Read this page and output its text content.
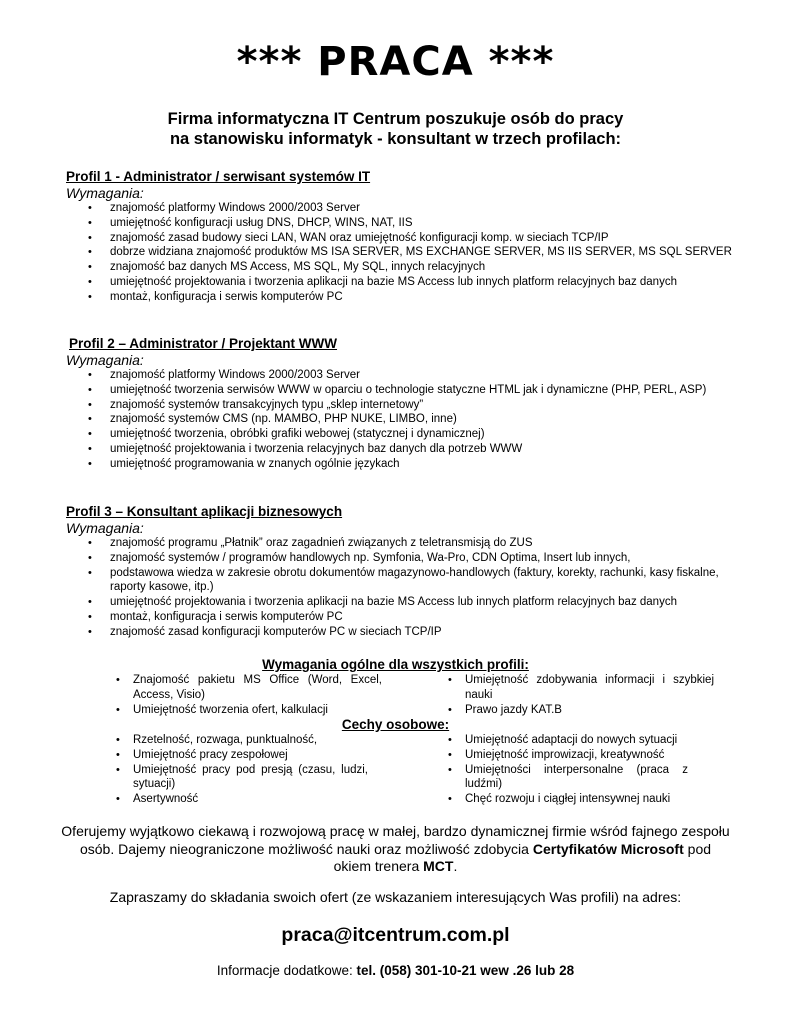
*** PRACA ***
Firma informatyczna IT Centrum poszukuje osób do pracy
na stanowisku informatyk - konsultant w trzech profilach:
Profil 1 - Administrator / serwisant systemów IT
Wymagania:
• znajomość platformy Windows 2000/2003 Server
• umiejętność konfiguracji usług DNS, DHCP, WINS, NAT, IIS
• znajomość zasad budowy sieci LAN, WAN oraz umiejętność konfiguracji komp. w sieciach TCP/IP
• dobrze widziana znajomość produktów MS ISA SERVER, MS EXCHANGE SERVER, MS IIS SERVER, MS SQL SERVER
• znajomość baz danych MS Access, MS SQL, My SQL, innych relacyjnych
• umiejętność projektowania i tworzenia aplikacji na bazie MS Access lub innych platform relacyjnych baz danych
• montaż, konfiguracja i serwis komputerów PC
Profil 2 – Administrator / Projektant WWW
Wymagania:
• znajomość platformy Windows 2000/2003 Server
• umiejętność tworzenia serwisów WWW w oparciu o technologie statyczne HTML jak i dynamiczne (PHP, PERL, ASP)
• znajomość systemów transakcyjnych typu „sklep internetowy”
• znajomość systemów CMS (np. MAMBO, PHP NUKE, LIMBO, inne)
• umiejętność tworzenia, obróbki grafiki webowej (statycznej i dynamicznej)
• umiejętność projektowania i tworzenia relacyjnych baz danych dla potrzeb WWW
• umiejętność programowania w znanych ogólnie językach
Profil 3 – Konsultant aplikacji biznesowych
Wymagania:
• znajomość programu „Płatnik” oraz zagadnień związanych z teletransmisją do ZUS
• znajomość systemów / programów handlowych np. Symfonia, Wa-Pro, CDN Optima, Insert lub innych,
• podstawowa wiedza w zakresie obrotu dokumentów magazynowo-handlowych (faktury, korekty, rachunki, kasy fiskalne, raporty kasowe, itp.)
• umiejętność projektowania i tworzenia aplikacji na bazie MS Access lub innych platform relacyjnych baz danych
• montaż, konfiguracja i serwis komputerów PC
• znajomość zasad konfiguracji komputerów PC w sieciach TCP/IP
Wymagania ogólne dla wszystkich profili:
• Znajomość pakietu MS Office (Word, Excel, Access, Visio)
• Umiejętność tworzenia ofert, kalkulacji
• Umiejętność zdobywania informacji i szybkiej nauki
• Prawo jazdy KAT.B
Cechy osobowe:
• Rzetelność, rozwaga, punktualność,
• Umiejętność pracy zespołowej
• Umiejętność pracy pod presją (czasu, ludzi, sytuacji)
• Asertywność
• Umiejętność adaptacji do nowych sytuacji
• Umiejętność improwizacji, kreatywność
• Umiejętności interpersonalne (praca z ludźmi)
• Chęć rozwoju i ciągłej intensywnej nauki
Oferujemy wyjątkowo ciekawą i rozwojową pracę w małej, bardzo dynamicznej firmie wśród fajnego zespołu osób. Dajemy nieograniczone możliwość nauki oraz możliwość zdobycia Certyfikatów Microsoft pod okiem trenera MCT.
Zapraszamy do składania swoich ofert (ze wskazaniem interesujących Was profili) na adres:
praca@itcentrum.com.pl
Informacje dodatkowe: tel. (058) 301-10-21 wew .26 lub 28
